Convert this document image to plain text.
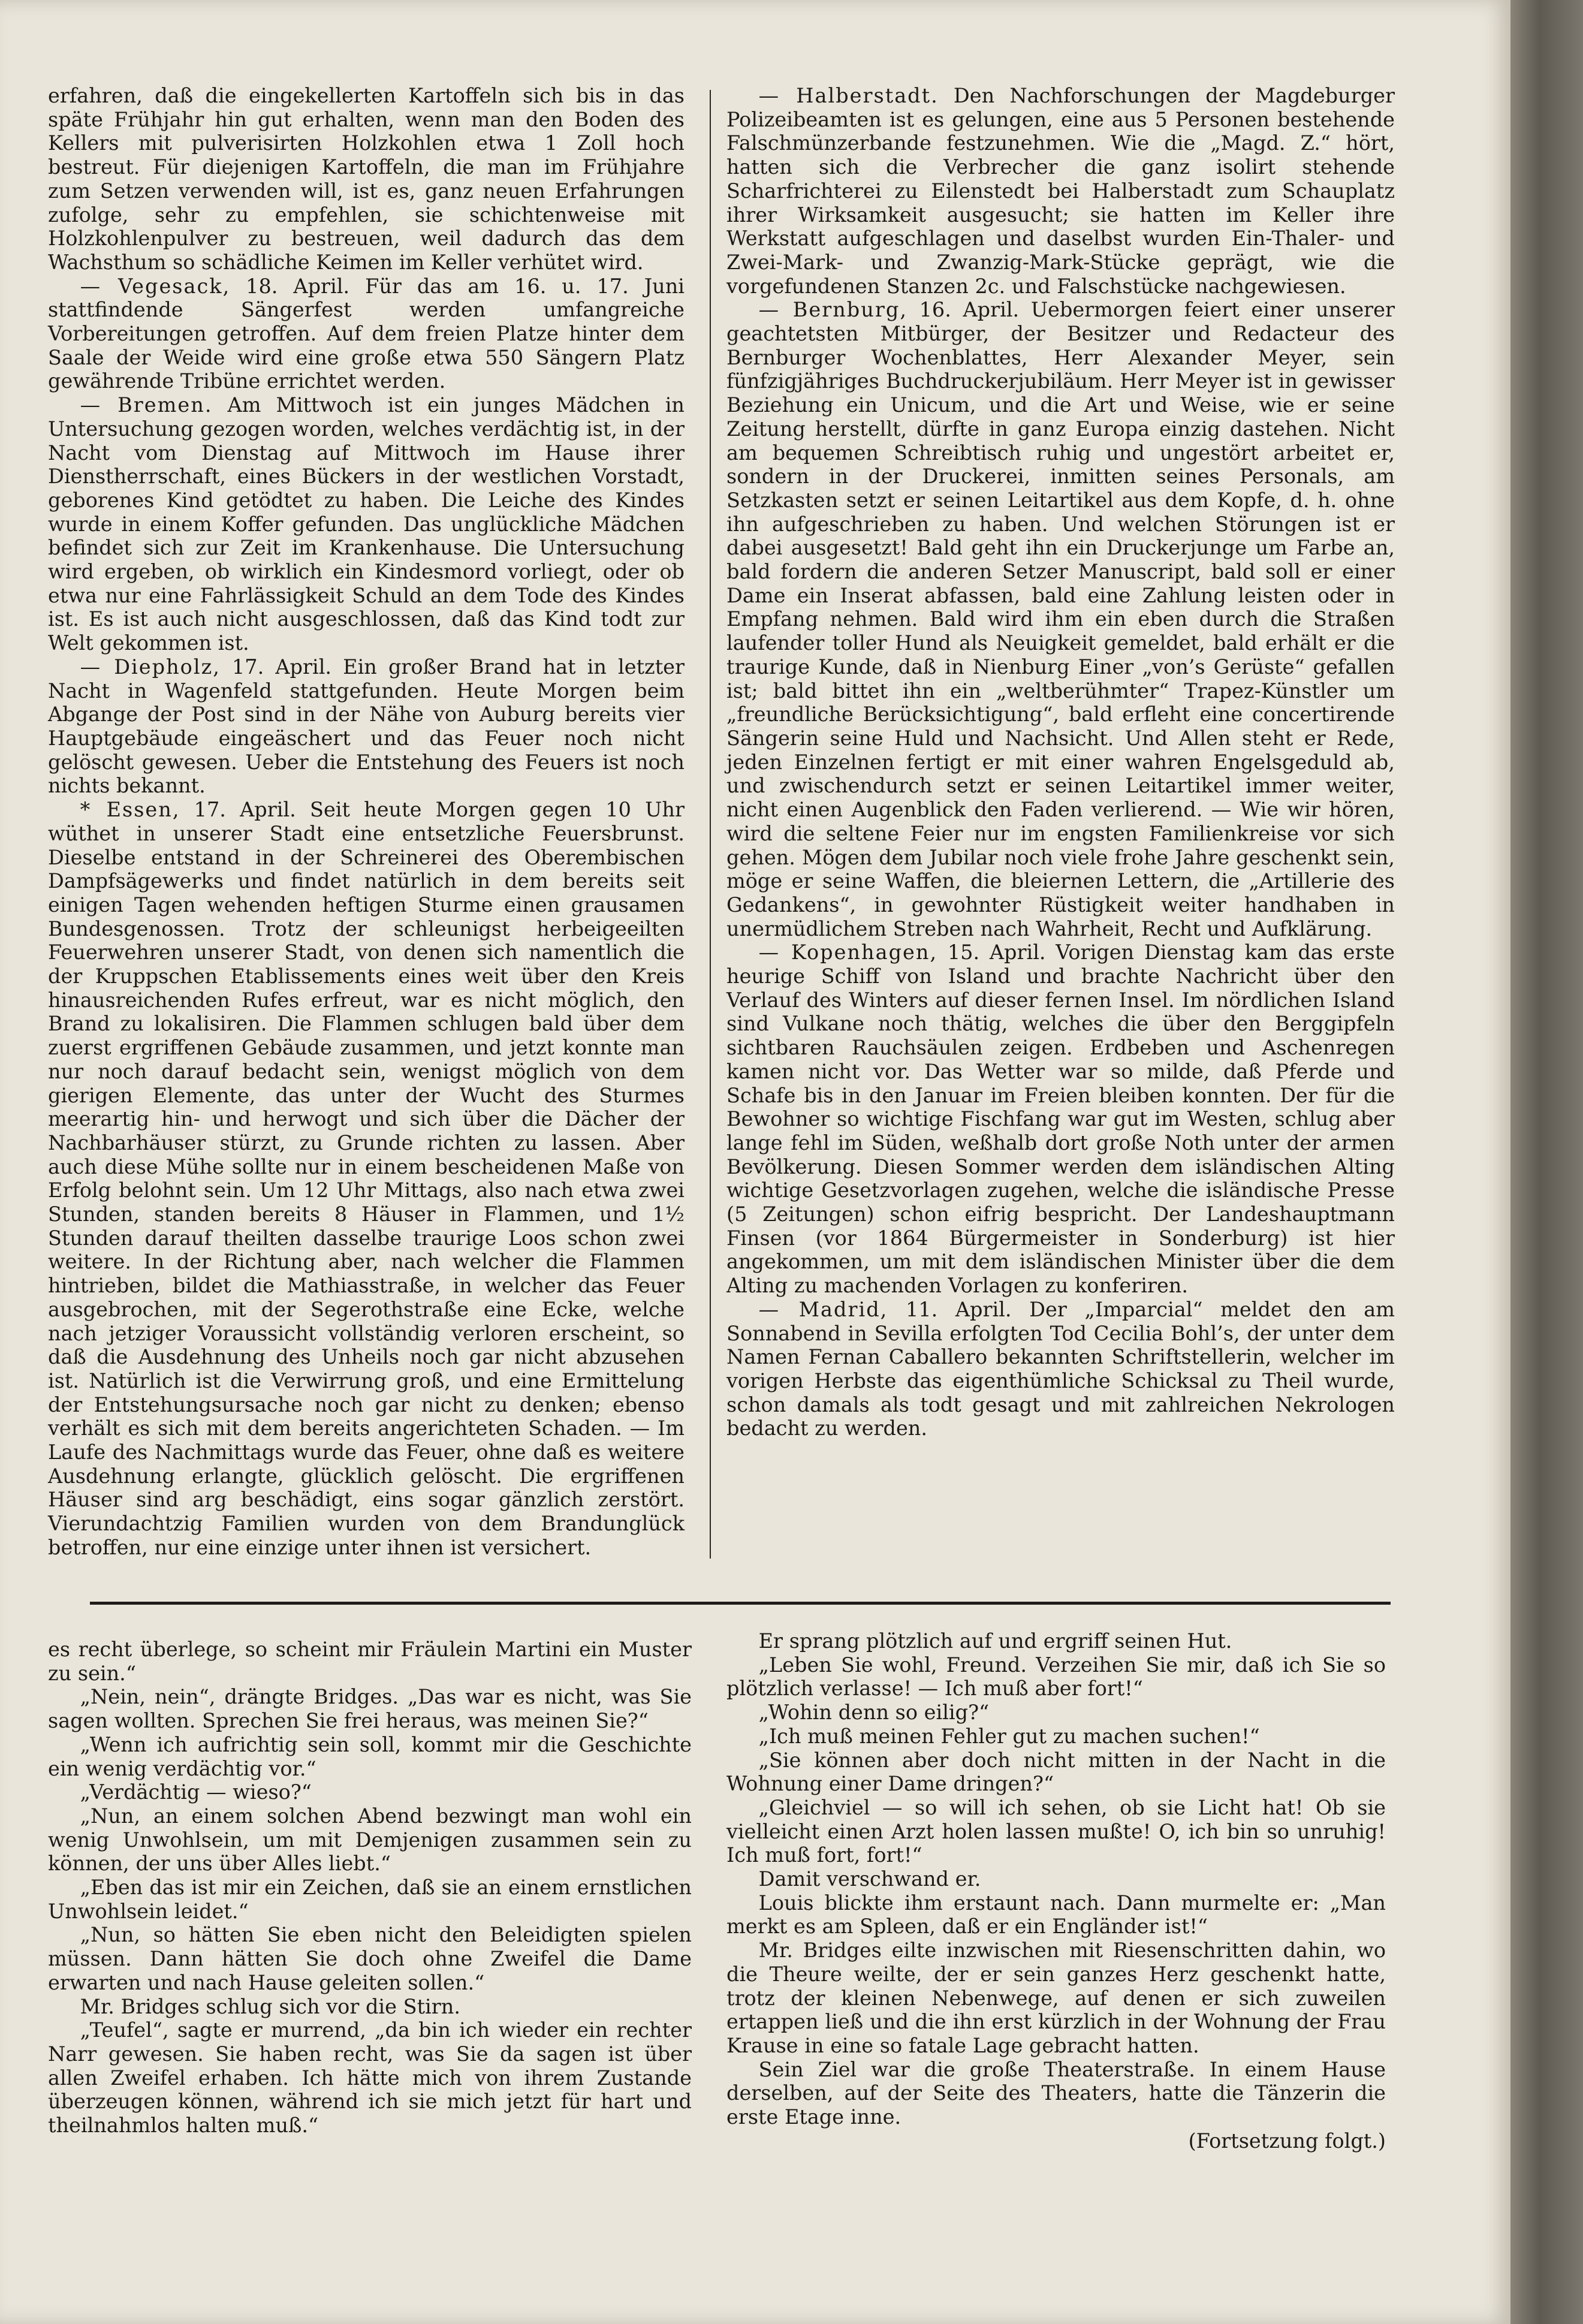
erfahren, daß die eingekellerten Kartoffeln sich bis in das späte Frühjahr hin gut erhalten, wenn man den Boden des Kellers mit pulverisirten Holzkohlen etwa 1 Zoll hoch bestreut. Für diejenigen Kartoffeln, die man im Frühjahre zum Setzen verwenden will, ist es, ganz neuen Erfahrungen zufolge, sehr zu empfehlen, sie schichtenweise mit Holzkohlenpulver zu bestreuen, weil dadurch das dem Wachsthum so schädliche Keimen im Keller verhütet wird.

— Vegesack, 18. April. Für das am 16. u. 17. Juni stattfindende Sängerfest werden umfangreiche Vorbereitungen getroffen. Auf dem freien Platze hinter dem Saale der Weide wird eine große etwa 550 Sängern Platz gewährende Tribüne errichtet werden.

— Bremen. Am Mittwoch ist ein junges Mädchen in Untersuchung gezogen worden, welches verdächtig ist, in der Nacht vom Dienstag auf Mittwoch im Hause ihrer Dienstherrschaft, eines Bückers in der westlichen Vorstadt, geborenes Kind getödtet zu haben. Die Leiche des Kindes wurde in einem Koffer gefunden. Das unglückliche Mädchen befindet sich zur Zeit im Krankenhause. Die Untersuchung wird ergeben, ob wirklich ein Kindesmord vorliegt, oder ob etwa nur eine Fahrlässigkeit Schuld an dem Tode des Kindes ist. Es ist auch nicht ausgeschlossen, daß das Kind todt zur Welt gekommen ist.

— Diepholz, 17. April. Ein großer Brand hat in letzter Nacht in Wagenfeld stattgefunden. Heute Morgen beim Abgange der Post sind in der Nähe von Auburg bereits vier Hauptgebäude eingeäschert und das Feuer noch nicht gelöscht gewesen. Ueber die Entstehung des Feuers ist noch nichts bekannt.

* Essen, 17. April. Seit heute Morgen gegen 10 Uhr wüthet in unserer Stadt eine entsetzliche Feuersbrunst. Dieselbe entstand in der Schreinerei des Oberembischen Dampfsägewerks und findet natürlich in dem bereits seit einigen Tagen wehenden heftigen Sturme einen grausamen Bundesgenossen. Trotz der schleunigst herbeigeeilten Feuerwehren unserer Stadt, von denen sich namentlich die der Kruppschen Etablissements eines weit über den Kreis hinausreichenden Rufes erfreut, war es nicht möglich, den Brand zu lokalisiren. Die Flammen schlugen bald über dem zuerst ergriffenen Gebäude zusammen, und jetzt konnte man nur noch darauf bedacht sein, wenigst möglich von dem gierigen Elemente, das unter der Wucht des Sturmes meerartig hin- und herwogt und sich über die Dächer der Nachbarhäuser stürzt, zu Grunde richten zu lassen. Aber auch diese Mühe sollte nur in einem bescheidenen Maße von Erfolg belohnt sein. Um 12 Uhr Mittags, also nach etwa zwei Stunden, standen bereits 8 Häuser in Flammen, und 1½ Stunden darauf theilten dasselbe traurige Loos schon zwei weitere. In der Richtung aber, nach welcher die Flammen hintrieben, bildet die Mathiasstraße, in welcher das Feuer ausgebrochen, mit der Segerothstraße eine Ecke, welche nach jetziger Voraussicht vollständig verloren erscheint, so daß die Ausdehnung des Unheils noch gar nicht abzusehen ist. Natürlich ist die Verwirrung groß, und eine Ermittelung der Entstehungsursache noch gar nicht zu denken; ebenso verhält es sich mit dem bereits angerichteten Schaden. — Im Laufe des Nachmittags wurde das Feuer, ohne daß es weitere Ausdehnung erlangte, glücklich gelöscht. Die ergriffenen Häuser sind arg beschädigt, eins sogar gänzlich zerstört. Vierundachtzig Familien wurden von dem Brandunglück betroffen, nur eine einzige unter ihnen ist versichert.

— Halberstadt. Den Nachforschungen der Magdeburger Polizeibeamten ist es gelungen, eine aus 5 Personen bestehende Falschmünzerbande festzunehmen. Wie die „Magd. Z.“ hört, hatten sich die Verbrecher die ganz isolirt stehende Scharfrichterei zu Eilenstedt bei Halberstadt zum Schauplatz ihrer Wirksamkeit ausgesucht; sie hatten im Keller ihre Werkstatt aufgeschlagen und daselbst wurden Ein-Thaler- und Zwei-Mark- und Zwanzig-Mark-Stücke geprägt, wie die vorgefundenen Stanzen 2c. und Falschstücke nachgewiesen.

— Bernburg, 16. April. Uebermorgen feiert einer unserer geachtetsten Mitbürger, der Besitzer und Redacteur des Bernburger Wochenblattes, Herr Alexander Meyer, sein fünfzigjähriges Buchdruckerjubiläum. Herr Meyer ist in gewisser Beziehung ein Unicum, und die Art und Weise, wie er seine Zeitung herstellt, dürfte in ganz Europa einzig dastehen. Nicht am bequemen Schreibtisch ruhig und ungestört arbeitet er, sondern in der Druckerei, inmitten seines Personals, am Setzkasten setzt er seinen Leitartikel aus dem Kopfe, d. h. ohne ihn aufgeschrieben zu haben. Und welchen Störungen ist er dabei ausgesetzt! Bald geht ihn ein Druckerjunge um Farbe an, bald fordern die anderen Setzer Manuscript, bald soll er einer Dame ein Inserat abfassen, bald eine Zahlung leisten oder in Empfang nehmen. Bald wird ihm ein eben durch die Straßen laufender toller Hund als Neuigkeit gemeldet, bald erhält er die traurige Kunde, daß in Nienburg Einer „von’s Gerüste“ gefallen ist; bald bittet ihn ein „weltberühmter“ Trapez-Künstler um „freundliche Berücksichtigung“, bald erfleht eine concertirende Sängerin seine Huld und Nachsicht. Und Allen steht er Rede, jeden Einzelnen fertigt er mit einer wahren Engelsgeduld ab, und zwischendurch setzt er seinen Leitartikel immer weiter, nicht einen Augenblick den Faden verlierend. — Wie wir hören, wird die seltene Feier nur im engsten Familienkreise vor sich gehen. Mögen dem Jubilar noch viele frohe Jahre geschenkt sein, möge er seine Waffen, die bleiernen Lettern, die „Artillerie des Gedankens“, in gewohnter Rüstigkeit weiter handhaben in unermüdlichem Streben nach Wahrheit, Recht und Aufklärung.

— Kopenhagen, 15. April. Vorigen Dienstag kam das erste heurige Schiff von Island und brachte Nachricht über den Verlauf des Winters auf dieser fernen Insel. Im nördlichen Island sind Vulkane noch thätig, welches die über den Berggipfeln sichtbaren Rauchsäulen zeigen. Erdbeben und Aschenregen kamen nicht vor. Das Wetter war so milde, daß Pferde und Schafe bis in den Januar im Freien bleiben konnten. Der für die Bewohner so wichtige Fischfang war gut im Westen, schlug aber lange fehl im Süden, weßhalb dort große Noth unter der armen Bevölkerung. Diesen Sommer werden dem isländischen Alting wichtige Gesetzvorlagen zugehen, welche die isländische Presse (5 Zeitungen) schon eifrig bespricht. Der Landeshauptmann Finsen (vor 1864 Bürgermeister in Sonderburg) ist hier angekommen, um mit dem isländischen Minister über die dem Alting zu machenden Vorlagen zu konferiren.

— Madrid, 11. April. Der „Imparcial“ meldet den am Sonnabend in Sevilla erfolgten Tod Cecilia Bohl’s, der unter dem Namen Fernan Caballero bekannten Schriftstellerin, welcher im vorigen Herbste das eigenthümliche Schicksal zu Theil wurde, schon damals als todt gesagt und mit zahlreichen Nekrologen bedacht zu werden.

es recht überlege, so scheint mir Fräulein Martini ein Muster zu sein.“

„Nein, nein“, drängte Bridges. „Das war es nicht, was Sie sagen wollten. Sprechen Sie frei heraus, was meinen Sie?“

„Wenn ich aufrichtig sein soll, kommt mir die Geschichte ein wenig verdächtig vor.“

„Verdächtig — wieso?“

„Nun, an einem solchen Abend bezwingt man wohl ein wenig Unwohlsein, um mit Demjenigen zusammen sein zu können, der uns über Alles liebt.“

„Eben das ist mir ein Zeichen, daß sie an einem ernstlichen Unwohlsein leidet.“

„Nun, so hätten Sie eben nicht den Beleidigten spielen müssen. Dann hätten Sie doch ohne Zweifel die Dame erwarten und nach Hause geleiten sollen.“

Mr. Bridges schlug sich vor die Stirn.

„Teufel“, sagte er murrend, „da bin ich wieder ein rechter Narr gewesen. Sie haben recht, was Sie da sagen ist über allen Zweifel erhaben. Ich hätte mich von ihrem Zustande überzeugen können, während ich sie mich jetzt für hart und theilnahmlos halten muß.“

Er sprang plötzlich auf und ergriff seinen Hut.

„Leben Sie wohl, Freund. Verzeihen Sie mir, daß ich Sie so plötzlich verlasse! — Ich muß aber fort!“

„Wohin denn so eilig?“

„Ich muß meinen Fehler gut zu machen suchen!“

„Sie können aber doch nicht mitten in der Nacht in die Wohnung einer Dame dringen?“

„Gleichviel — so will ich sehen, ob sie Licht hat! Ob sie vielleicht einen Arzt holen lassen mußte! O, ich bin so unruhig! Ich muß fort, fort!“

Damit verschwand er.

Louis blickte ihm erstaunt nach. Dann murmelte er: „Man merkt es am Spleen, daß er ein Engländer ist!“

Mr. Bridges eilte inzwischen mit Riesenschritten dahin, wo die Theure weilte, der er sein ganzes Herz geschenkt hatte, trotz der kleinen Nebenwege, auf denen er sich zuweilen ertappen ließ und die ihn erst kürzlich in der Wohnung der Frau Krause in eine so fatale Lage gebracht hatten.

Sein Ziel war die große Theaterstraße. In einem Hause derselben, auf der Seite des Theaters, hatte die Tänzerin die erste Etage inne.

(Fortsetzung folgt.)
